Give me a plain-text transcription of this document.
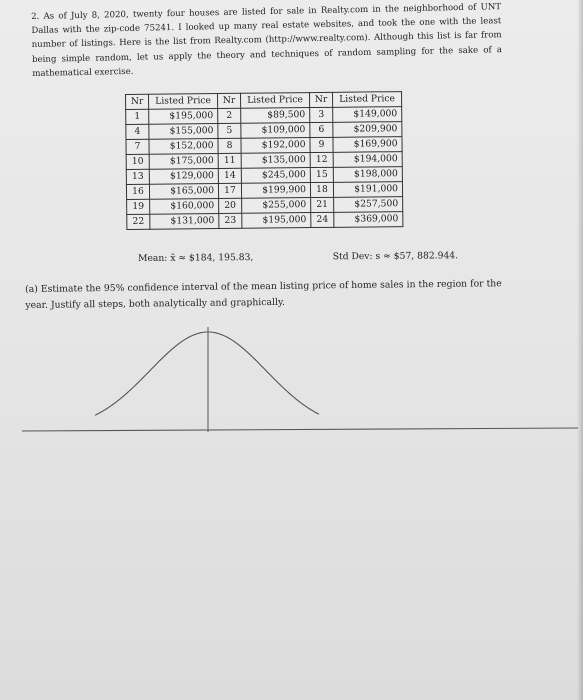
2. As of July 8, 2020, twenty four houses are listed for sale in Realty.com in the neighborhood of UNT Dallas with the zip-code 75241. I looked up many real estate websites, and took the one with the least number of listings. Here is the list from Realty.com (http://www.realty.com). Although this list is far from being simple random, let us apply the theory and techniques of random sampling for the sake of a mathematical exercise.

Nr	Listed Price	Nr	Listed Price	Nr	Listed Price
1	$195,000	2	$89,500	3	$149,000
4	$155,000	5	$109,000	6	$209,900
7	$152,000	8	$192,000	9	$169,900
10	$175,000	11	$135,000	12	$194,000
13	$129,000	14	$245,000	15	$198,000
16	$165,000	17	$199,900	18	$191,000
19	$160,000	20	$255,000	21	$257,500
22	$131,000	23	$195,000	24	$369,000
Mean: x̄ ≈ $184, 195.83,	Std Dev: s ≈ $57, 882.944.

(a) Estimate the 95% confidence interval of the mean listing price of home sales in the region for the year. Justify all steps, both analytically and graphically.
